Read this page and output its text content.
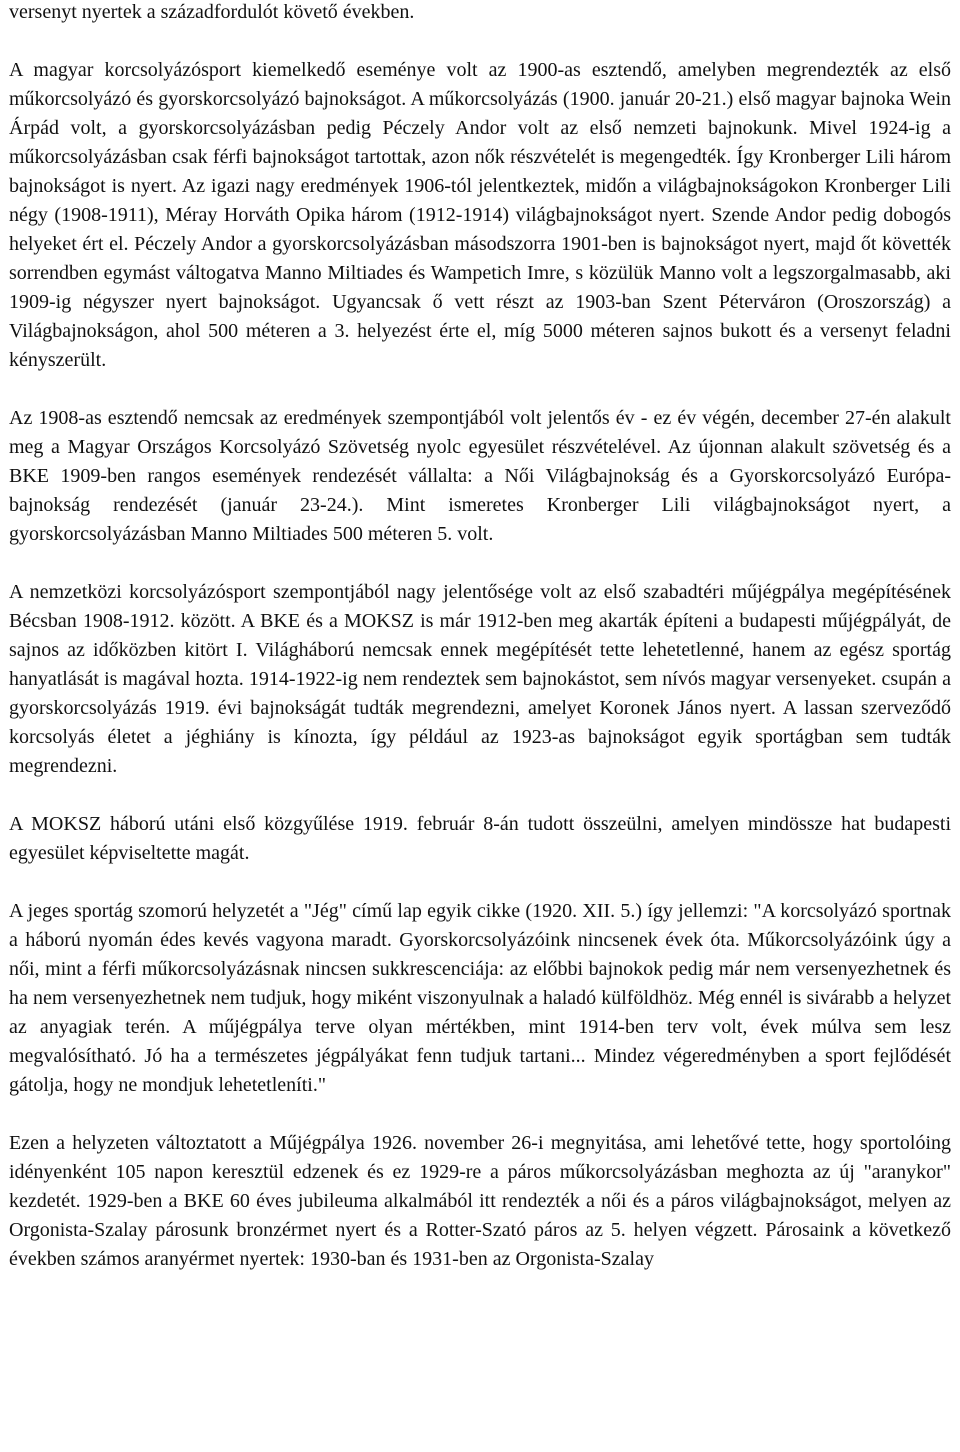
versenyt nyertek a századfordulót követő években.

A magyar korcsolyázósport kiemelkedő eseménye volt az 1900-as esztendő, amelyben megrendezték az első műkorcsolyázó és gyorskorcsolyázó bajnokságot. A műkorcsolyázás (1900. január 20-21.) első magyar bajnoka Wein Árpád volt, a gyorskorcsolyázásban pedig Péczely Andor volt az első nemzeti bajnokunk. Mivel 1924-ig a műkorcsolyázásban csak férfi bajnokságot tartottak, azon nők részvételét is megengedték. Így Kronberger Lili három bajnokságot is nyert. Az igazi nagy eredmények 1906-tól jelentkeztek, midőn a világbajnokságokon Kronberger Lili négy (1908-1911), Méray Horváth Opika három (1912-1914) világbajnokságot nyert. Szende Andor pedig dobogós helyeket ért el. Péczely Andor a gyorskorcsolyázásban másodszorra 1901-ben is bajnokságot nyert, majd őt követték sorrendben egymást váltogatva Manno Miltiades és Wampetich Imre, s közülük Manno volt a legszorgalmasabb, aki 1909-ig négyszer nyert bajnokságot. Ugyancsak ő vett részt az 1903-ban Szent Péterváron (Oroszország) a Világbajnokságon, ahol 500 méteren a 3. helyezést érte el, míg 5000 méteren sajnos bukott és a versenyt feladni kényszerült.

Az 1908-as esztendő nemcsak az eredmények szempontjából volt jelentős év - ez év végén, december 27-én alakult meg a Magyar Országos Korcsolyázó Szövetség nyolc egyesület részvételével. Az újonnan alakult szövetség és a BKE 1909-ben rangos események rendezését vállalta: a Női Világbajnokság és a Gyorskorcsolyázó Európa-bajnokság rendezését (január 23-24.). Mint ismeretes Kronberger Lili világbajnokságot nyert, a gyorskorcsolyázásban Manno Miltiades 500 méteren 5. volt.

A nemzetközi korcsolyázósport szempontjából nagy jelentősége volt az első szabadtéri műjégpálya megépítésének Bécsban 1908-1912. között. A BKE és a MOKSZ is már 1912-ben meg akarták építeni a budapesti műjégpályát, de sajnos az időközben kitört I. Világháború nemcsak ennek megépítését tette lehetetlenné, hanem az egész sportág hanyatlását is magával hozta. 1914-1922-ig nem rendeztek sem bajnokástot, sem nívós magyar versenyeket. csupán a gyorskorcsolyázás 1919. évi bajnokságát tudták megrendezni, amelyet Koronek János nyert. A lassan szerveződő korcsolyás életet a jéghiány is kínozta, így például az 1923-as bajnokságot egyik sportágban sem tudták megrendezni.

A MOKSZ háború utáni első közgyűlése 1919. február 8-án tudott összeülni, amelyen mindössze hat budapesti egyesület képviseltette magát.

A jeges sportág szomorú helyzetét a "Jég" című lap egyik cikke (1920. XII. 5.) így jellemzi: "A korcsolyázó sportnak a háború nyomán édes kevés vagyona maradt. Gyorskorcsolyázóink nincsenek évek óta. Műkorcsolyázóink úgy a női, mint a férfi műkorcsolyázásnak nincsen sukkrescenciája: az előbbi bajnokok pedig már nem versenyezhetnek és ha nem versenyezhetnek nem tudjuk, hogy miként viszonyulnak a haladó külföldhöz. Még ennél is sivárabb a helyzet az anyagiak terén. A műjégpálya terve olyan mértékben, mint 1914-ben terv volt, évek múlva sem lesz megvalósítható. Jó ha a természetes jégpályákat fenn tudjuk tartani... Mindez végeredményben a sport fejlődését gátolja, hogy ne mondjuk lehetetleníti."

Ezen a helyzeten változtatott a Műjégpálya 1926. november 26-i megnyitása, ami lehetővé tette, hogy sportolóing idényenként 105 napon keresztül edzenek és ez 1929-re a páros műkorcsolyázásban meghozta az új "aranykor" kezdetét. 1929-ben a BKE 60 éves jubileuma alkalmából itt rendezték a női és a páros világbajnokságot, melyen az Orgonista-Szalay párosunk bronzérmet nyert és a Rotter-Szató páros az 5. helyen végzett. Párosaink a következő években számos aranyérmet nyertek: 1930-ban és 1931-ben az Orgonista-Szalay
